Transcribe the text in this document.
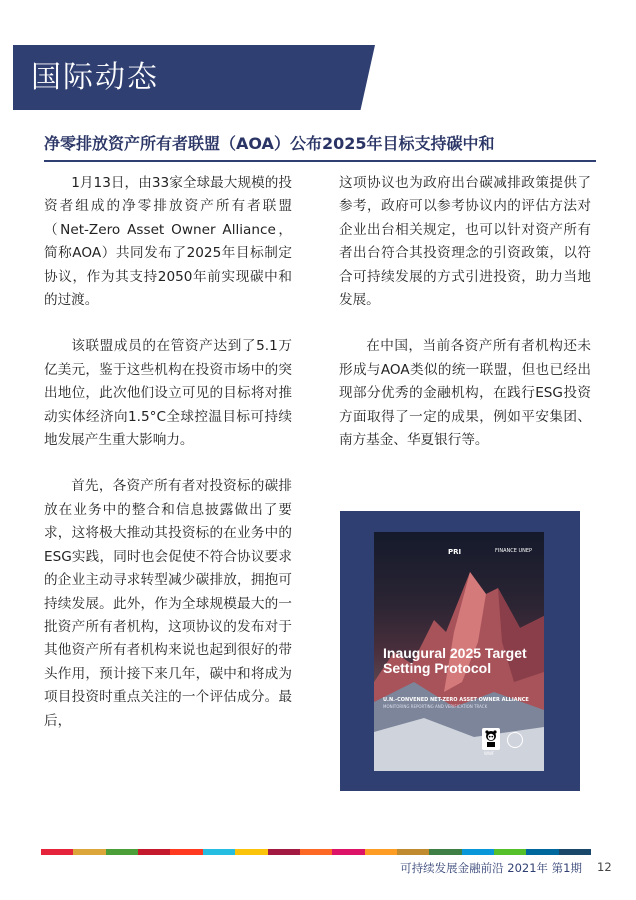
国际动态
净零排放资产所有者联盟（AOA）公布2025年目标支持碳中和

1月13日，由33家全球最大规模的投资者组成的净零排放资产所有者联盟（Net-Zero Asset Owner Alliance，简称AOA）共同发布了2025年目标制定协议，作为其支持2050年前实现碳中和的过渡。

该联盟成员的在管资产达到了5.1万亿美元，鉴于这些机构在投资市场中的突出地位，此次他们设立可见的目标将对推动实体经济向1.5°C全球控温目标可持续地发展产生重大影响力。

首先，各资产所有者对投资标的碳排放在业务中的整合和信息披露做出了要求，这将极大推动其投资标的在业务中的ESG实践，同时也会促使不符合协议要求的企业主动寻求转型减少碳排放，拥抱可持续发展。此外，作为全球规模最大的一批资产所有者机构，这项协议的发布对于其他资产所有者机构来说也起到很好的带头作用，预计接下来几年，碳中和将成为项目投资时重点关注的一个评估成分。最后，

这项协议也为政府出台碳减排政策提供了参考，政府可以参考协议内的评估方法对企业出台相关规定，也可以针对资产所有者出台符合其投资理念的引资政策，以符合可持续发展的方式引进投资，助力当地发展。

在中国，当前各资产所有者机构还未形成与AOA类似的统一联盟，但也已经出现部分优秀的金融机构，在践行ESG投资方面取得了一定的成果，例如平安集团、南方基金、华夏银行等。

PRI	FINANCE UNEP
Inaugural 2025 Target Setting Protocol
U.N.-CONVENED NET-ZERO ASSET OWNER ALLIANCE
MONITORING REPORTING AND VERIFICATION TRACK
WWF
可持续发展金融前沿 2021年 第1期 12
